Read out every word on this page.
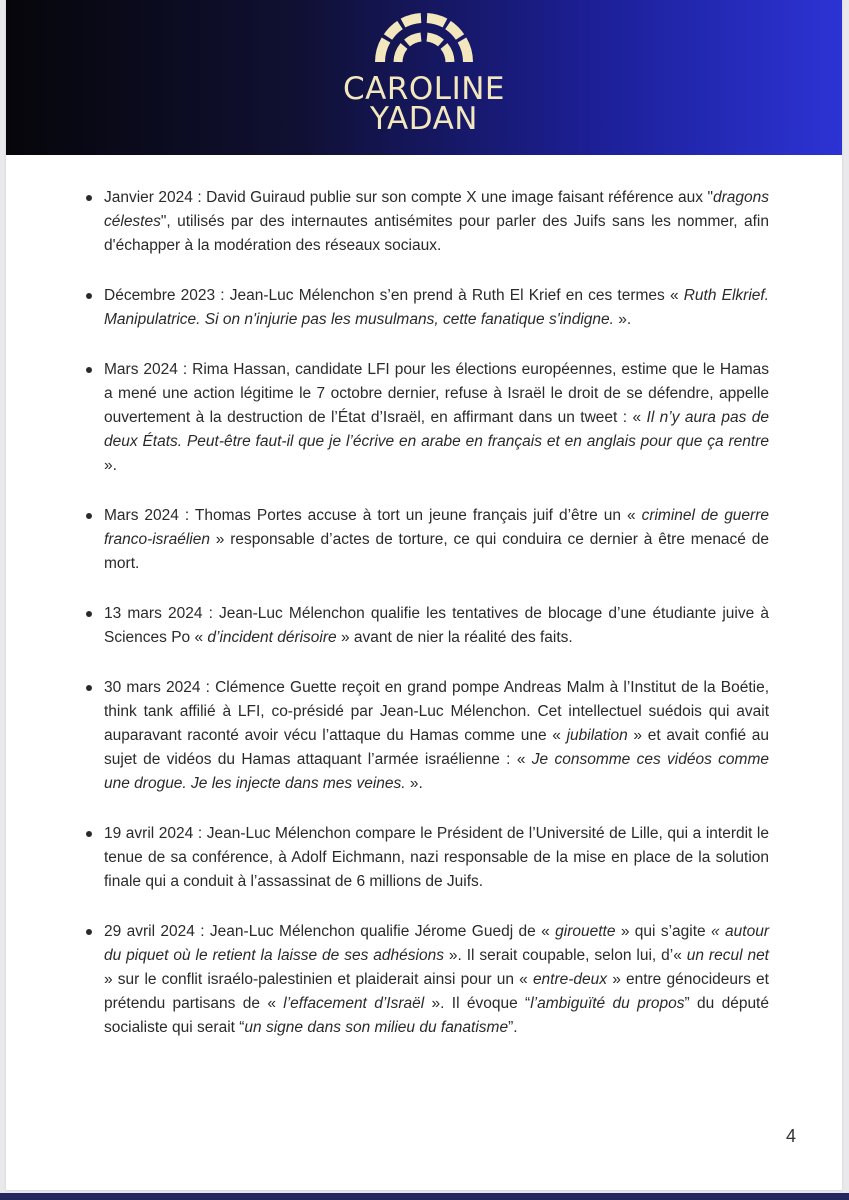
CAROLINE
YADAN
Janvier 2024 : David Guiraud publie sur son compte X une image faisant référence aux "dragons célestes", utilisés par des internautes antisémites pour parler des Juifs sans les nommer, afin d'échapper à la modération des réseaux sociaux.
Décembre 2023 : Jean-Luc Mélenchon s’en prend à Ruth El Krief en ces termes « Ruth Elkrief. Manipulatrice. Si on n'injurie pas les musulmans, cette fanatique s'indigne. ».
Mars 2024 : Rima Hassan, candidate LFI pour les élections européennes, estime que le Hamas a mené une action légitime le 7 octobre dernier, refuse à Israël le droit de se défendre, appelle ouvertement à la destruction de l’État d’Israël, en affirmant dans un tweet : « Il n’y aura pas de deux États. Peut-être faut-il que je l’écrive en arabe en français et en anglais pour que ça rentre ».
Mars 2024 : Thomas Portes accuse à tort un jeune français juif d’être un « criminel de guerre franco-israélien » responsable d’actes de torture, ce qui conduira ce dernier à être menacé de mort.
13 mars 2024 : Jean-Luc Mélenchon qualifie les tentatives de blocage d’une étudiante juive à Sciences Po « d’incident dérisoire » avant de nier la réalité des faits.
30 mars 2024 : Clémence Guette reçoit en grand pompe Andreas Malm à l’Institut de la Boétie, think tank affilié à LFI, co-présidé par Jean-Luc Mélenchon. Cet intellectuel suédois qui avait auparavant raconté avoir vécu l’attaque du Hamas comme une « jubilation » et avait confié au sujet de vidéos du Hamas attaquant l’armée israélienne : « Je consomme ces vidéos comme une drogue. Je les injecte dans mes veines. ».
19 avril 2024 : Jean-Luc Mélenchon compare le Président de l’Université de Lille, qui a interdit le tenue de sa conférence, à Adolf Eichmann, nazi responsable de la mise en place de la solution finale qui a conduit à l’assassinat de 6 millions de Juifs.
29 avril 2024 : Jean-Luc Mélenchon qualifie Jérome Guedj de « girouette » qui s’agite « autour du piquet où le retient la laisse de ses adhésions ». Il serait coupable, selon lui, d’« un recul net » sur le conflit israélo-palestinien et plaiderait ainsi pour un « entre-deux » entre génocideurs et prétendu partisans de « l’effacement d’Israël ». Il évoque “l’ambiguïté du propos” du député socialiste qui serait “un signe dans son milieu du fanatisme”.
4
